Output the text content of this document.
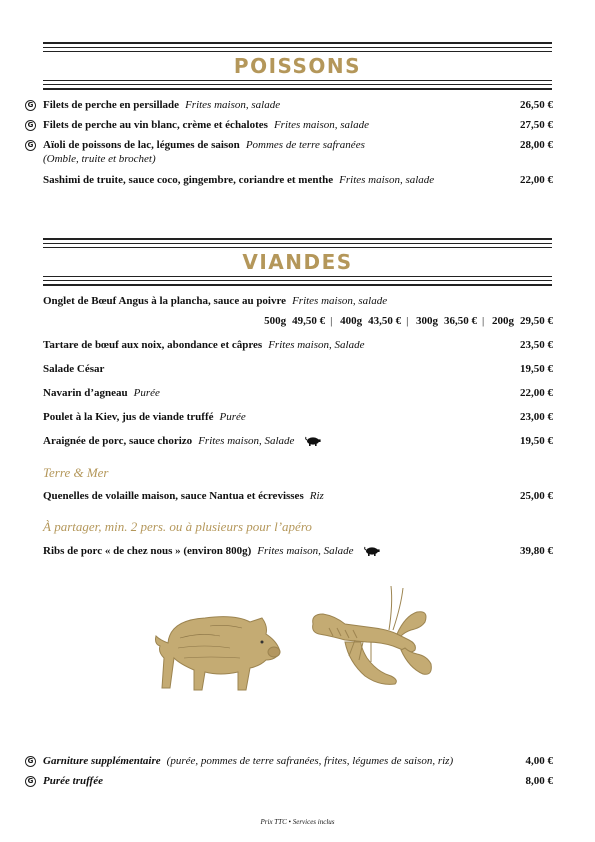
POISSONS
G Filets de perche en persillade Frites maison, salade	26,50 €
G Filets de perche au vin blanc, crème et échalotes Frites maison, salade	27,50 €
G Aïoli de poissons de lac, légumes de saison Pommes de terre safranées	28,00 €
(Omble, truite et brochet)
Sashimi de truite, sauce coco, gingembre, coriandre et menthe Frites maison, salade	22,00 €
VIANDES
Onglet de Bœuf Angus à la plancha, sauce au poivre Frites maison, salade
500g 49,50 € | 400g 43,50 € | 300g 36,50 € | 200g 29,50 €
Tartare de bœuf aux noix, abondance et câpres Frites maison, Salade	23,50 €
Salade César	19,50 €
Navarin d’agneau Purée	22,00 €
Poulet à la Kiev, jus de viande truffé Purée	23,00 €
Araignée de porc, sauce chorizo Frites maison, Salade	19,50 €
Terre & Mer
Quenelles de volaille maison, sauce Nantua et écrevisses Riz	25,00 €
À partager, min. 2 pers. ou à plusieurs pour l’apéro
Ribs de porc « de chez nous » (environ 800g) Frites maison, Salade	39,80 €
G Garniture supplémentaire (purée, pommes de terre safranées, frites, légumes de saison, riz)	4,00 €
G Purée truffée	8,00 €
Prix TTC • Services inclus
